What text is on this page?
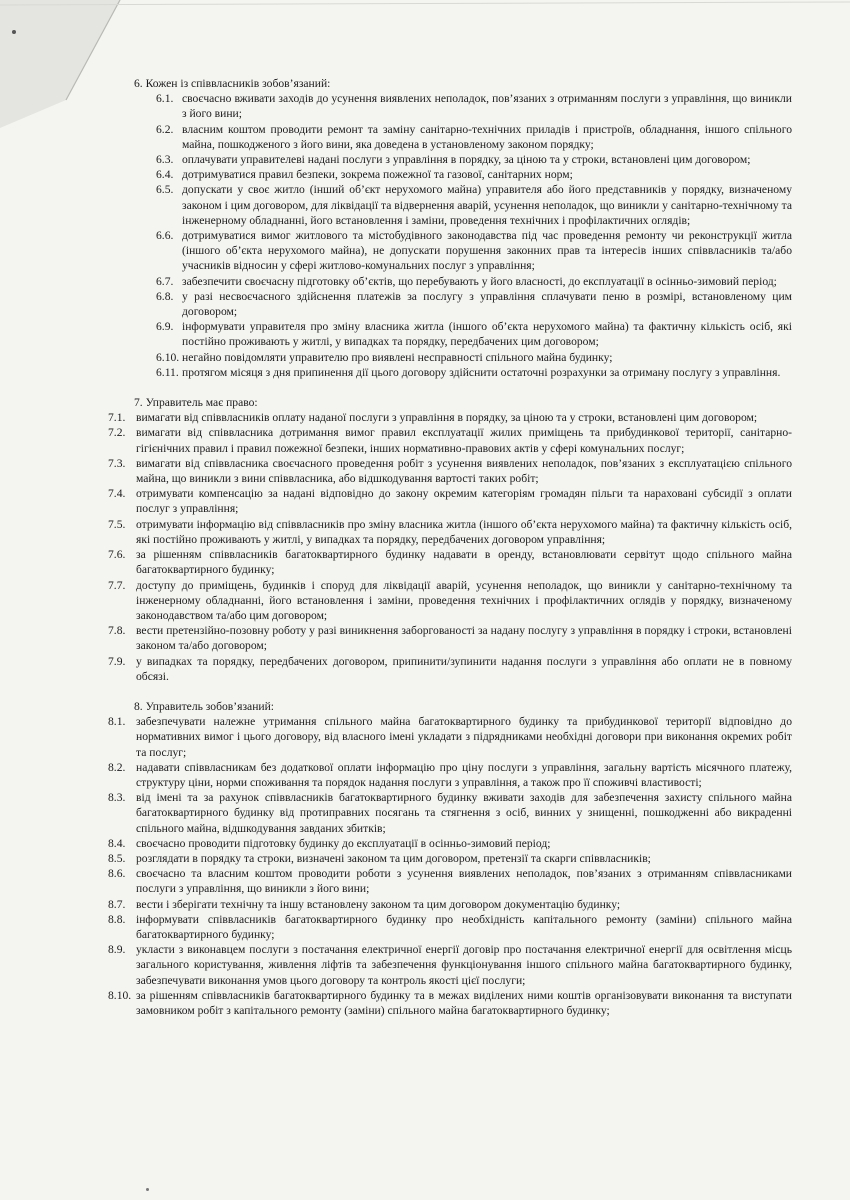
6. Кожен із співвласників зобов’язаний:

6.1. своєчасно вживати заходів до усунення виявлених неполадок, пов’язаних з отриманням послуги з управління, що виникли з його вини;
6.2. власним коштом проводити ремонт та заміну санітарно-технічних приладів і пристроїв, обладнання, іншого спільного майна, пошкодженого з його вини, яка доведена в установленому законом порядку;
6.3. оплачувати управителеві надані послуги з управління в порядку, за ціною та у строки, встановлені цим договором;
6.4. дотримуватися правил безпеки, зокрема пожежної та газової, санітарних норм;
6.5. допускати у своє житло (інший об’єкт нерухомого майна) управителя або його представників у порядку, визначеному законом і цим договором, для ліквідації та відвернення аварій, усунення неполадок, що виникли у санітарно-технічному та інженерному обладнанні, його встановлення і заміни, проведення технічних і профілактичних оглядів;
6.6. дотримуватися вимог житлового та містобудівного законодавства під час проведення ремонту чи реконструкції житла (іншого об’єкта нерухомого майна), не допускати порушення законних прав та інтересів інших співвласників та/або учасників відносин у сфері житлово-комунальних послуг з управління;
6.7. забезпечити своєчасну підготовку об’єктів, що перебувають у його власності, до експлуатації в осінньо-зимовий період;
6.8. у разі несвоєчасного здійснення платежів за послугу з управління сплачувати пеню в розмірі, встановленому цим договором;
6.9. інформувати управителя про зміну власника житла (іншого об’єкта нерухомого майна) та фактичну кількість осіб, які постійно проживають у житлі, у випадках та порядку, передбачених цим договором;
6.10. негайно повідомляти управителю про виявлені несправності спільного майна будинку;
6.11. протягом місяця з дня припинення дії цього договору здійснити остаточні розрахунки за отриману послугу з управління.

7. Управитель має право:

7.1. вимагати від співвласників оплату наданої послуги з управління в порядку, за ціною та у строки, встановлені цим договором;
7.2. вимагати від співвласника дотримання вимог правил експлуатації жилих приміщень та прибудинкової території, санітарно-гігієнічних правил і правил пожежної безпеки, інших нормативно-правових актів у сфері комунальних послуг;
7.3. вимагати від співвласника своєчасного проведення робіт з усунення виявлених неполадок, пов’язаних з експлуатацією спільного майна, що виникли з вини співвласника, або відшкодування вартості таких робіт;
7.4. отримувати компенсацію за надані відповідно до закону окремим категоріям громадян пільги та нараховані субсидії з оплати послуг з управління;
7.5. отримувати інформацію від співвласників про зміну власника житла (іншого об’єкта нерухомого майна) та фактичну кількість осіб, які постійно проживають у житлі, у випадках та порядку, передбачених договором управління;
7.6. за рішенням співвласників багатоквартирного будинку надавати в оренду, встановлювати сервітут щодо спільного майна багатоквартирного будинку;
7.7. доступу до приміщень, будинків і споруд для ліквідації аварій, усунення неполадок, що виникли у санітарно-технічному та інженерному обладнанні, його встановлення і заміни, проведення технічних і профілактичних оглядів у порядку, визначеному законодавством та/або цим договором;
7.8. вести претензійно-позовну роботу у разі виникнення заборгованості за надану послугу з управління в порядку і строки, встановлені законом та/або договором;
7.9. у випадках та порядку, передбачених договором, припинити/зупинити надання послуги з управління або оплати не в повному обсязі.

8. Управитель зобов’язаний:

8.1. забезпечувати належне утримання спільного майна багатоквартирного будинку та прибудинкової території відповідно до нормативних вимог і цього договору, від власного імені укладати з підрядниками необхідні договори при виконання окремих робіт та послуг;
8.2. надавати співвласникам без додаткової оплати інформацію про ціну послуги з управління, загальну вартість місячного платежу, структуру ціни, норми споживання та порядок надання послуги з управління, а також про її споживчі властивості;
8.3. від імені та за рахунок співвласників багатоквартирного будинку вживати заходів для забезпечення захисту спільного майна багатоквартирного будинку від протиправних посягань та стягнення з осіб, винних у знищенні, пошкодженні або викраденні спільного майна, відшкодування завданих збитків;
8.4. своєчасно проводити підготовку будинку до експлуатації в осінньо-зимовий період;
8.5. розглядати в порядку та строки, визначені законом та цим договором, претензії та скарги співвласників;
8.6. своєчасно та власним коштом проводити роботи з усунення виявлених неполадок, пов’язаних з отриманням співвласниками послуги з управління, що виникли з його вини;
8.7. вести і зберігати технічну та іншу встановлену законом та цим договором документацію будинку;
8.8. інформувати співвласників багатоквартирного будинку про необхідність капітального ремонту (заміни) спільного майна багатоквартирного будинку;
8.9. укласти з виконавцем послуги з постачання електричної енергії договір про постачання електричної енергії для освітлення місць загального користування, живлення ліфтів та забезпечення функціонування іншого спільного майна багатоквартирного будинку, забезпечувати виконання умов цього договору та контроль якості цієї послуги;
8.10. за рішенням співвласників багатоквартирного будинку та в межах виділених ними коштів організовувати виконання та виступати замовником робіт з капітального ремонту (заміни) спільного майна багатоквартирного будинку;
